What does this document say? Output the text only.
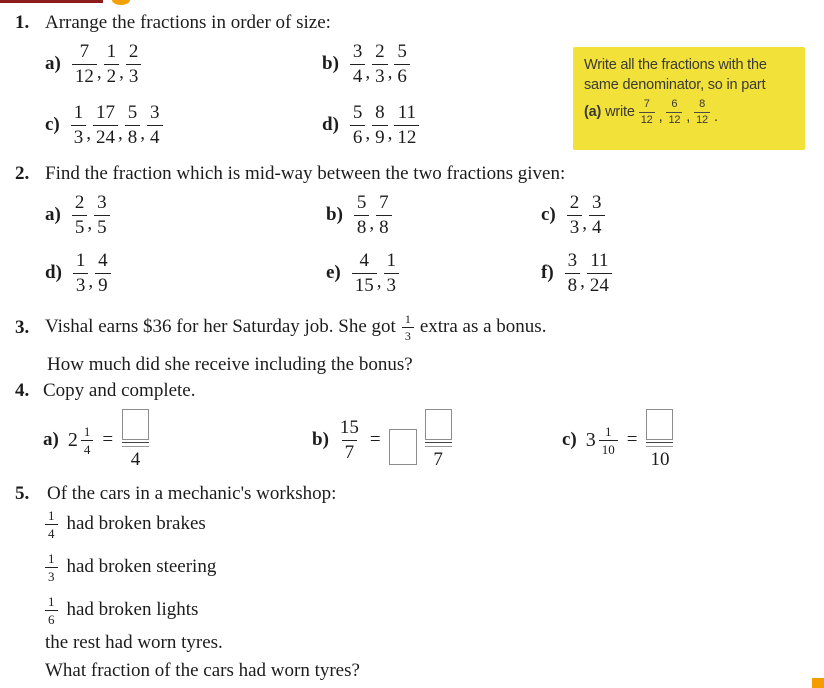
1. Arrange the fractions in order of size:
$a) \frac{7}{12}$ , $\frac{1}{2}$ , $\frac{2}{3}$	$b) \frac{3}{4}$ , $\frac{2}{3}$ , $\frac{5}{6}$
$c) \frac{1}{3}$ , $\frac{17}{24}$ , $\frac{5}{8}$ , $\frac{3}{4}$	$d) \frac{5}{6}$ , $\frac{8}{9}$ , $\frac{11}{12}$
Write all the fractions with the
same denominator, so in part
(a) write $\frac{7}{12}$ , $\frac{6}{12}$ , $\frac{8}{12}$ .
2. Find the fraction which is mid-way between the two fractions given:
$a) \frac{2}{5}$ , $\frac{3}{5}$	$b) \frac{5}{8}$ , $\frac{7}{8}$	$c) \frac{2}{3}$ , $\frac{3}{4}$
$d) \frac{1}{3}$ , $\frac{4}{9}$	$e) \frac{4}{15}$ , $\frac{1}{3}$	$f) \frac{3}{8}$ , $\frac{11}{24}$
3. Vishal earns $36 for her Saturday job. She got $\frac{1}{3}$ extra as a bonus.
How much did she receive including the bonus?
4. Copy and complete.
a) $2 \frac{1}{4}$ =
4
$b) \frac{15}{7}$ =
7
c) $3 \frac{1}{10}$ =
10
5. Of the cars in a mechanic's workshop:
$\frac{1}{4}$ had broken brakes
$\frac{1}{3}$ had broken steering
$\frac{1}{6}$ had broken lights
the rest had worn tyres.
What fraction of the cars had worn tyres?
